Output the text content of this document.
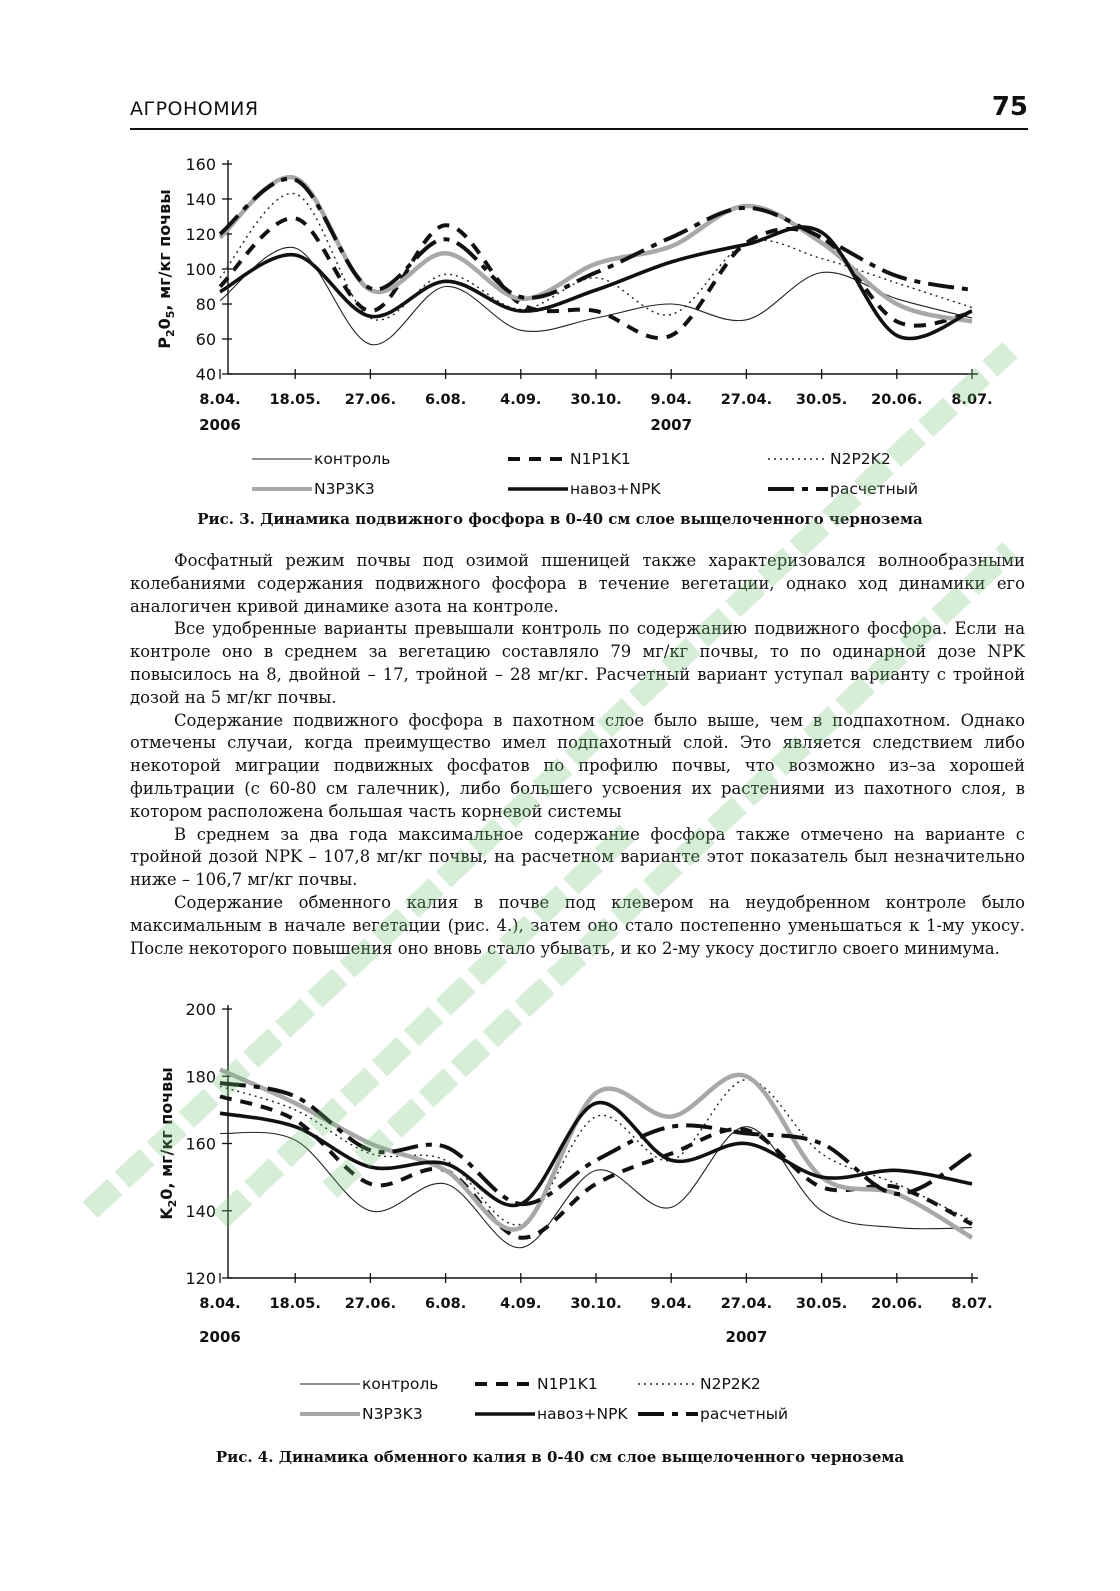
АГРОНОМИЯ	75
40
60
80
100
120
140
160
8.04. 18.05. 27.06. 6.08. 4.09. 30.10. 9.04. 27.04. 30.05. 20.06. 8.07.
2006	2007
$P_20_5$, мг/кг почвы
контроль	N1P1K1	N2P2K2
N3P3K3	навоз+NPK	расчетный
Рис. 3. Динамика подвижного фосфора в 0-40 см слое выщелоченного чернозема

Фосфатный режим почвы под озимой пшеницей также характеризовался волнообразными колебаниями содержания подвижного фосфора в течение вегетации, однако ход динамики его аналогичен кривой динамике азота на контроле.

Все удобренные варианты превышали контроль по содержанию подвижного фосфора. Если на контроле оно в среднем за вегетацию составляло 79 мг/кг почвы, то по одинарной дозе NPK повысилось на 8, двойной – 17, тройной – 28 мг/кг. Расчетный вариант уступал варианту с тройной дозой на 5 мг/кг почвы.

Содержание подвижного фосфора в пахотном слое было выше, чем в подпахотном. Однако отмечены случаи, когда преимущество имел подпахотный слой. Это является следствием либо некоторой миграции подвижных фосфатов по профилю почвы, что возможно из–за хорошей фильтрации (с 60-80 см галечник), либо большего усвоения их растениями из пахотного слоя, в котором расположена большая часть корневой системы

В среднем за два года максимальное содержание фосфора также отмечено на варианте с тройной дозой NPK – 107,8 мг/кг почвы, на расчетном варианте этот показатель был незначительно ниже – 106,7 мг/кг почвы.

Содержание обменного калия в почве под клевером на неудобренном контроле было максимальным в начале вегетации (рис. 4.), затем оно стало постепенно уменьшаться к 1-му укосу. После некоторого повышения оно вновь стало убывать, и ко 2-му укосу достигло своего минимума.

120
140
160
180
200
8.04. 18.05. 27.06. 6.08. 4.09. 30.10. 9.04. 27.04. 30.05. 20.06. 8.07.
2006	2007
$K_20$, мг/кг почвы
контроль	N1P1K1	N2P2K2
N3P3K3	навоз+NPK	расчетный
Рис. 4. Динамика обменного калия в 0-40 см слое выщелоченного чернозема
